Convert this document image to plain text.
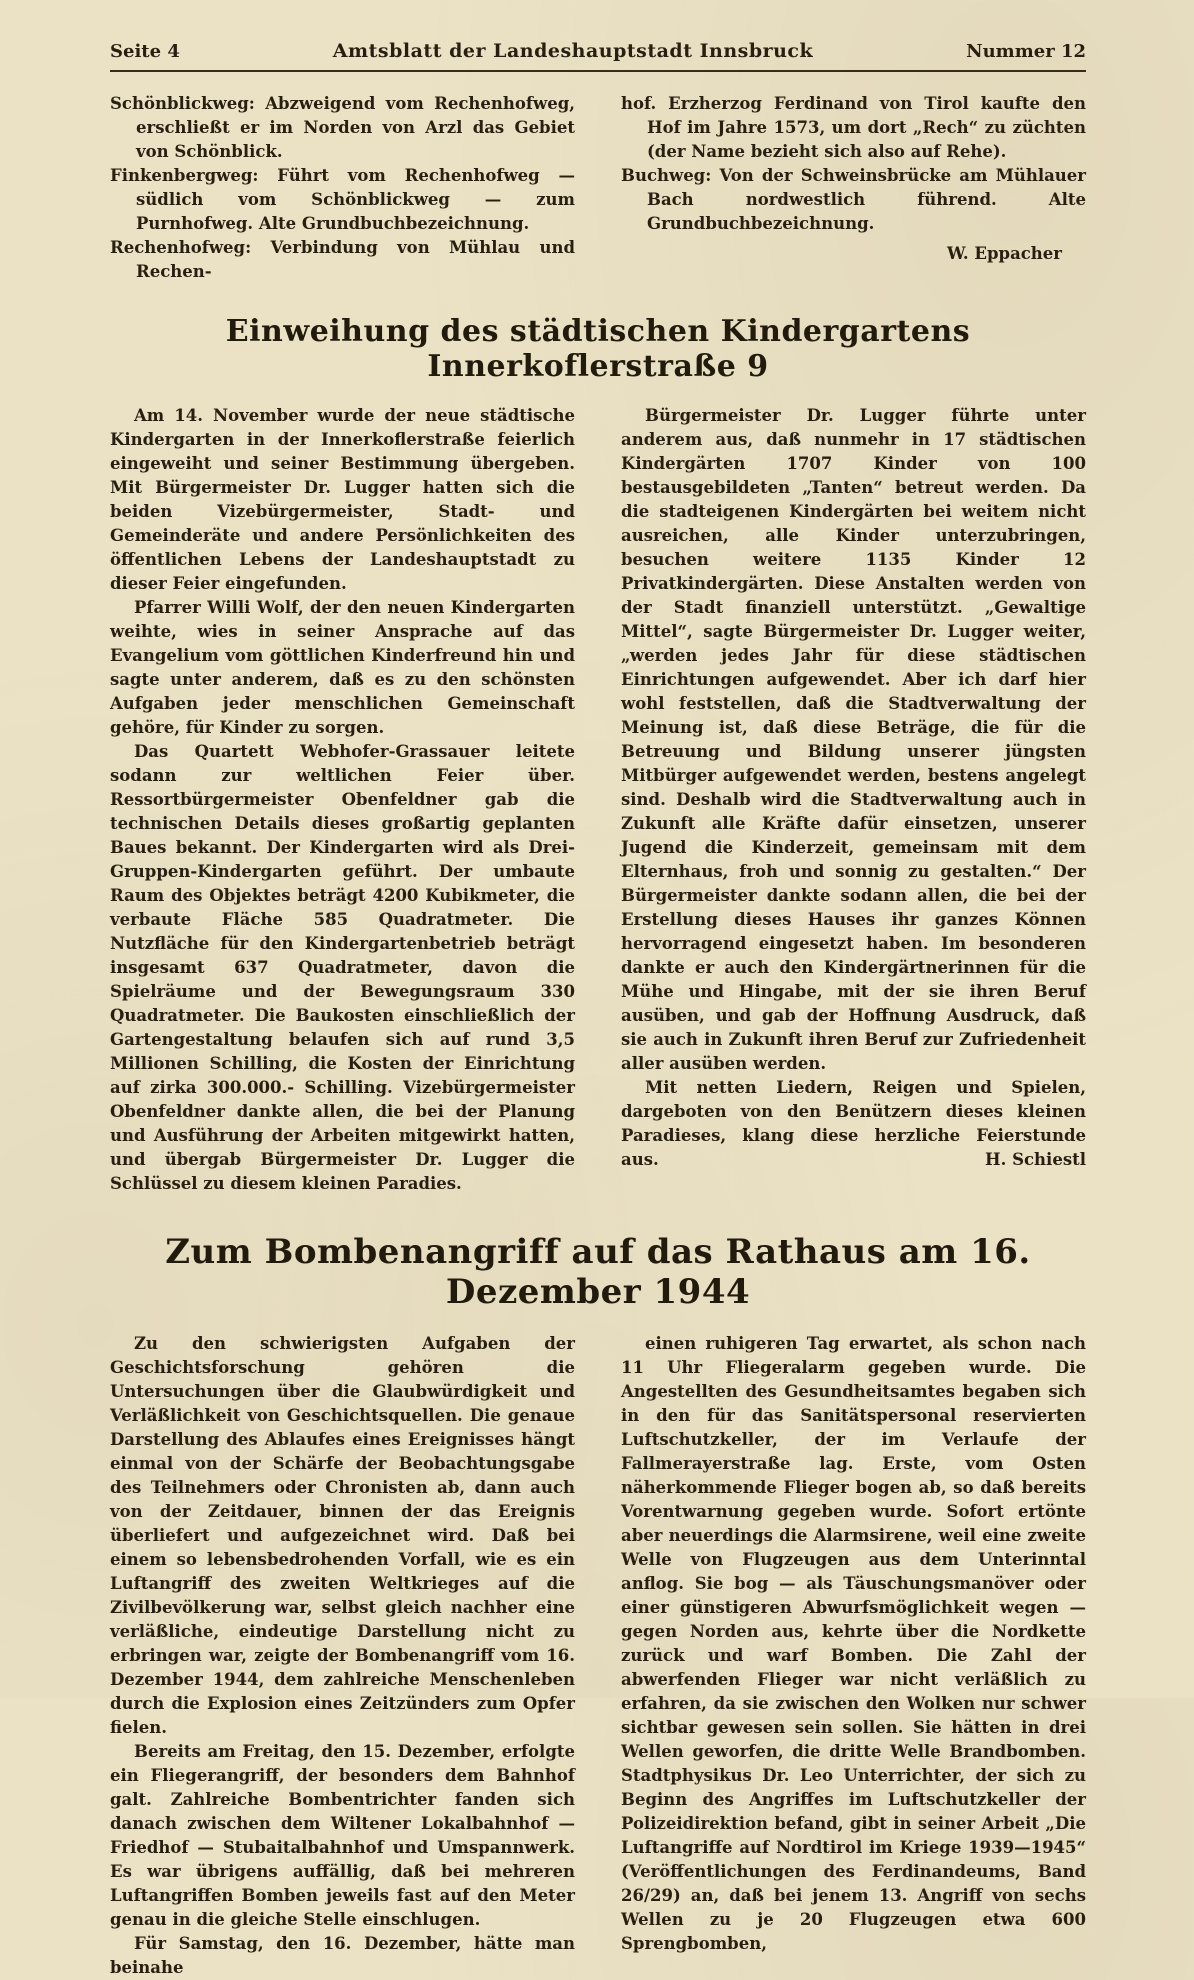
Seite 4	Amtsblatt der Landeshauptstadt Innsbruck	Nummer 12

Schönblickweg: Abzweigend vom Rechenhofweg, erschließt er im Norden von Arzl das Gebiet von Schönblick.

Finkenbergweg: Führt vom Rechenhofweg — südlich vom Schönblickweg — zum Purnhofweg. Alte Grundbuchbezeichnung.

Rechenhofweg: Verbindung von Mühlau und Rechen-

hof. Erzherzog Ferdinand von Tirol kaufte den Hof im Jahre 1573, um dort „Rech“ zu züchten (der Name bezieht sich also auf Rehe).

Buchweg: Von der Schweinsbrücke am Mühlauer Bach nordwestlich führend. Alte Grundbuchbezeichnung.

W. Eppacher

Einweihung des städtischen Kindergartens Innerkoflerstraße 9

Am 14. November wurde der neue städtische Kindergarten in der Innerkoflerstraße feierlich eingeweiht und seiner Bestimmung übergeben. Mit Bürgermeister Dr. Lugger hatten sich die beiden Vizebürgermeister, Stadt- und Gemeinderäte und andere Persönlichkeiten des öffentlichen Lebens der Landeshauptstadt zu dieser Feier eingefunden.

Pfarrer Willi Wolf, der den neuen Kindergarten weihte, wies in seiner Ansprache auf das Evangelium vom göttlichen Kinderfreund hin und sagte unter anderem, daß es zu den schönsten Aufgaben jeder menschlichen Gemeinschaft gehöre, für Kinder zu sorgen.

Das Quartett Webhofer-Grassauer leitete sodann zur weltlichen Feier über. Ressortbürgermeister Obenfeldner gab die technischen Details dieses großartig geplanten Baues bekannt. Der Kindergarten wird als Drei-Gruppen-Kindergarten geführt. Der umbaute Raum des Objektes beträgt 4200 Kubikmeter, die verbaute Fläche 585 Quadratmeter. Die Nutzfläche für den Kindergartenbetrieb beträgt insgesamt 637 Quadratmeter, davon die Spielräume und der Bewegungsraum 330 Quadratmeter. Die Baukosten einschließlich der Gartengestaltung belaufen sich auf rund 3,5 Millionen Schilling, die Kosten der Einrichtung auf zirka 300.000.- Schilling. Vizebürgermeister Obenfeldner dankte allen, die bei der Planung und Ausführung der Arbeiten mitgewirkt hatten, und übergab Bürgermeister Dr. Lugger die Schlüssel zu diesem kleinen Paradies.

Bürgermeister Dr. Lugger führte unter anderem aus, daß nunmehr in 17 städtischen Kindergärten 1707 Kinder von 100 bestausgebildeten „Tanten“ betreut werden. Da die stadteigenen Kindergärten bei weitem nicht ausreichen, alle Kinder unterzubringen, besuchen weitere 1135 Kinder 12 Privatkindergärten. Diese Anstalten werden von der Stadt finanziell unterstützt. „Gewaltige Mittel“, sagte Bürgermeister Dr. Lugger weiter, „werden jedes Jahr für diese städtischen Einrichtungen aufgewendet. Aber ich darf hier wohl feststellen, daß die Stadtverwaltung der Meinung ist, daß diese Beträge, die für die Betreuung und Bildung unserer jüngsten Mitbürger aufgewendet werden, bestens angelegt sind. Deshalb wird die Stadtverwaltung auch in Zukunft alle Kräfte dafür einsetzen, unserer Jugend die Kinderzeit, gemeinsam mit dem Elternhaus, froh und sonnig zu gestalten.“ Der Bürgermeister dankte sodann allen, die bei der Erstellung dieses Hauses ihr ganzes Können hervorragend eingesetzt haben. Im besonderen dankte er auch den Kindergärtnerinnen für die Mühe und Hingabe, mit der sie ihren Beruf ausüben, und gab der Hoffnung Ausdruck, daß sie auch in Zukunft ihren Beruf zur Zufriedenheit aller ausüben werden.

Mit netten Liedern, Reigen und Spielen, dargeboten von den Benützern dieses kleinen Paradieses, klang diese herzliche Feierstunde aus.	H. Schiestl

Zum Bombenangriff auf das Rathaus am 16. Dezember 1944

Zu den schwierigsten Aufgaben der Geschichtsforschung gehören die Untersuchungen über die Glaubwürdigkeit und Verläßlichkeit von Geschichtsquellen. Die genaue Darstellung des Ablaufes eines Ereignisses hängt einmal von der Schärfe der Beobachtungsgabe des Teilnehmers oder Chronisten ab, dann auch von der Zeitdauer, binnen der das Ereignis überliefert und aufgezeichnet wird. Daß bei einem so lebensbedrohenden Vorfall, wie es ein Luftangriff des zweiten Weltkrieges auf die Zivilbevölkerung war, selbst gleich nachher eine verläßliche, eindeutige Darstellung nicht zu erbringen war, zeigte der Bombenangriff vom 16. Dezember 1944, dem zahlreiche Menschenleben durch die Explosion eines Zeitzünders zum Opfer fielen.

Bereits am Freitag, den 15. Dezember, erfolgte ein Fliegerangriff, der besonders dem Bahnhof galt. Zahlreiche Bombentrichter fanden sich danach zwischen dem Wiltener Lokalbahnhof — Friedhof — Stubaitalbahnhof und Umspannwerk. Es war übrigens auffällig, daß bei mehreren Luftangriffen Bomben jeweils fast auf den Meter genau in die gleiche Stelle einschlugen.

Für Samstag, den 16. Dezember, hätte man beinahe

einen ruhigeren Tag erwartet, als schon nach 11 Uhr Fliegeralarm gegeben wurde. Die Angestellten des Gesundheitsamtes begaben sich in den für das Sanitätspersonal reservierten Luftschutzkeller, der im Verlaufe der Fallmerayerstraße lag. Erste, vom Osten näherkommende Flieger bogen ab, so daß bereits Vorentwarnung gegeben wurde. Sofort ertönte aber neuerdings die Alarmsirene, weil eine zweite Welle von Flugzeugen aus dem Unterinntal anflog. Sie bog — als Täuschungsmanöver oder einer günstigeren Abwurfsmöglichkeit wegen — gegen Norden aus, kehrte über die Nordkette zurück und warf Bomben. Die Zahl der abwerfenden Flieger war nicht verläßlich zu erfahren, da sie zwischen den Wolken nur schwer sichtbar gewesen sein sollen. Sie hätten in drei Wellen geworfen, die dritte Welle Brandbomben. Stadtphysikus Dr. Leo Unterrichter, der sich zu Beginn des Angriffes im Luftschutzkeller der Polizeidirektion befand, gibt in seiner Arbeit „Die Luftangriffe auf Nordtirol im Kriege 1939—1945“ (Veröffentlichungen des Ferdinandeums, Band 26/29) an, daß bei jenem 13. Angriff von sechs Wellen zu je 20 Flugzeugen etwa 600 Sprengbomben,
